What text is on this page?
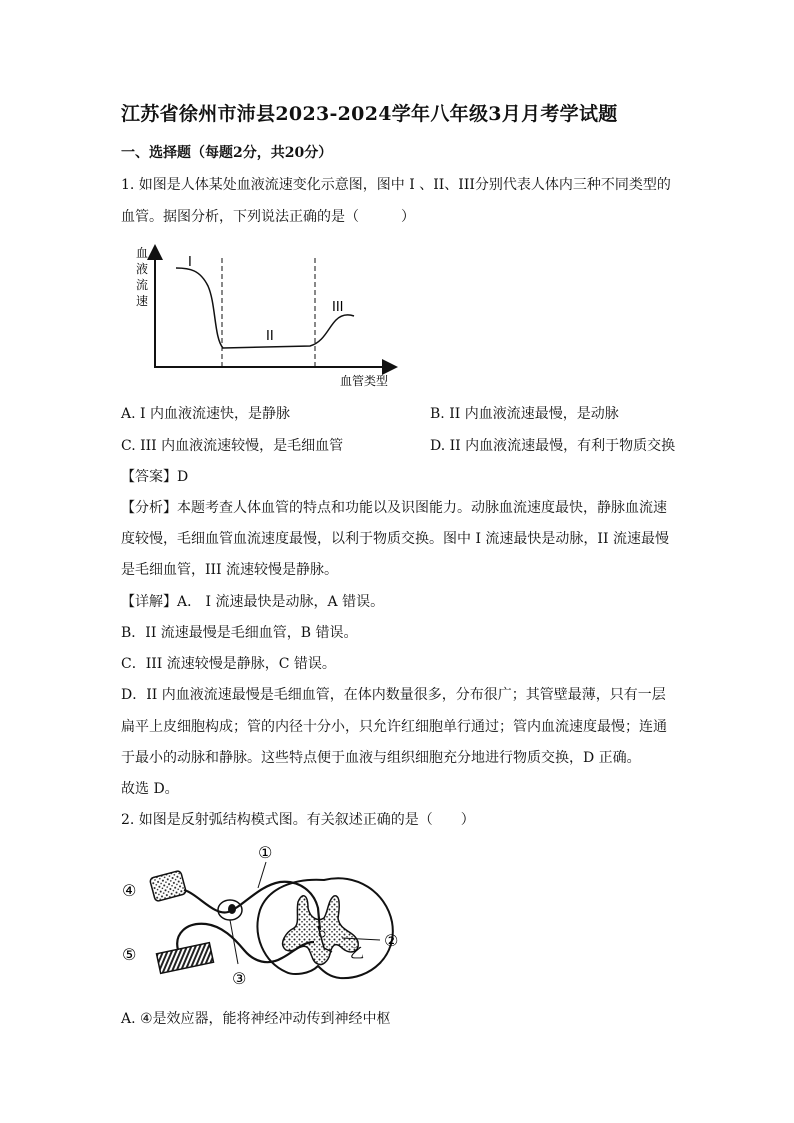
江苏省徐州市沛县2023-2024学年八年级3月月考学试题
一、选择题（每题2分，共20分）
1. 如图是人体某处血液流速变化示意图，图中 I 、II、III分别代表人体内三种不同类型的
血管。据图分析，下列说法正确的是（　　　）
血
液
流
速
I
II
III
血管类型
A. I 内血液流速快，是静脉	B. II 内血液流速最慢，是动脉
C. III 内血液流速较慢，是毛细血管	D. II 内血液流速最慢，有利于物质交换
【答案】D
【分析】本题考查人体血管的特点和功能以及识图能力。动脉血流速度最快，静脉血流速
度较慢，毛细血管血流速度最慢，以利于物质交换。图中 I 流速最快是动脉，II 流速最慢
是毛细血管，III 流速较慢是静脉。
【详解】A． I 流速最快是动脉，A 错误。
B．II 流速最慢是毛细血管，B 错误。
C．III 流速较慢是静脉，C 错误。
D．II 内血液流速最慢是毛细血管，在体内数量很多，分布很广；其管壁最薄，只有一层
扁平上皮细胞构成；管的内径十分小，只允许红细胞单行通过；管内血流速度最慢；连通
于最小的动脉和静脉。这些特点便于血液与组织细胞充分地进行物质交换，D 正确。
故选 D。
2. 如图是反射弧结构模式图。有关叙述正确的是（　　）
①
②
③
④
⑤	乙
A. ④是效应器，能将神经冲动传到神经中枢
